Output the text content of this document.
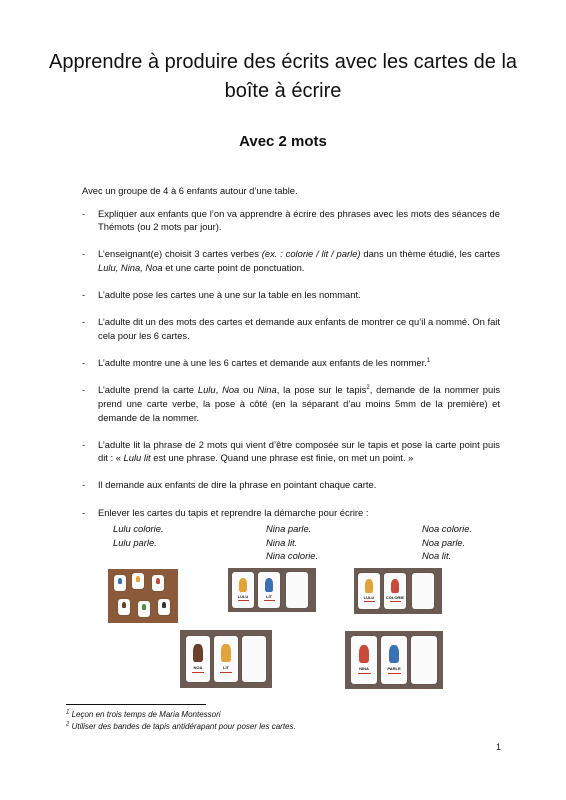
Apprendre à produire des écrits avec les cartes de la boîte à écrire
Avec 2 mots

Avec un groupe de 4 à 6 enfants autour d’une table.

- Expliquer aux enfants que l’on va apprendre à écrire des phrases avec les mots des séances de Thémots (ou 2 mots par jour).
- L’enseignant(e) choisit 3 cartes verbes (ex. : colorie / lit / parle) dans un thème étudié, les cartes Lulu, Nina, Noa et une carte point de ponctuation.
- L’adulte pose les cartes une à une sur la table en les nommant.
- L’adulte dit un des mots des cartes et demande aux enfants de montrer ce qu’il a nommé. On fait cela pour les 6 cartes.
- L’adulte montre une à une les 6 cartes et demande aux enfants de les nommer.$^1$
- L’adulte prend la carte Lulu, Noa ou Nina, la pose sur le tapis$^2$, demande de la nommer puis prend une carte verbe, la pose à côté (en la séparant d’au moins 5mm de la première) et demande de la nommer.
- L’adulte lit la phrase de 2 mots qui vient d’être composée sur le tapis et pose la carte point puis dit : « Lulu lit est une phrase. Quand une phrase est finie, on met un point. »
- Il demande aux enfants de dire la phrase en pointant chaque carte.
- Enlever les cartes du tapis et reprendre la démarche pour écrire :
Lulu colorie.
Lulu parle.
Nina parle.
Nina lit.
Nina colorie.
Noa colorie.
Noa parle.
Noa lit.
LULU	LIT	LULU	COLORIE
NOA	LIT	NINA	PARLE
$^1$ Leçon en trois temps de Maria Montessori
$^2$ Utiliser des bandes de tapis antidérapant pour poser les cartes.
1
